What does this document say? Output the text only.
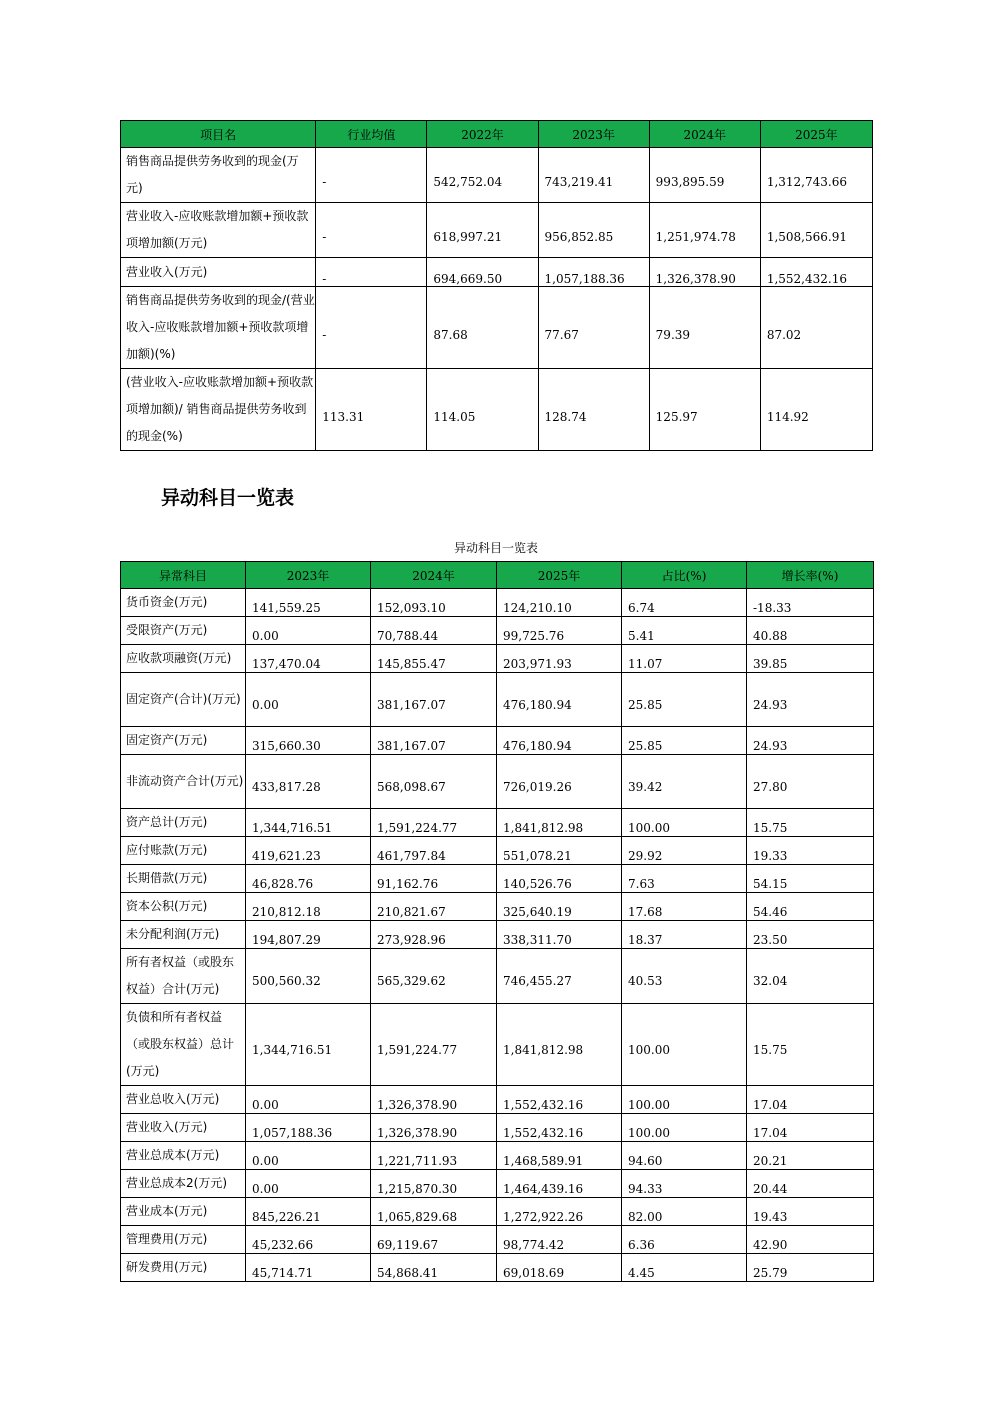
项目名	行业均值	2022年	2023年	2024年	2025年
销售商品提供劳务收到的现金(万元)	-	542,752.04	743,219.41	993,895.59	1,312,743.66
营业收入-应收账款增加额+预收款项增加额(万元)	-	618,997.21	956,852.85	1,251,974.78	1,508,566.91
营业收入(万元)	-	694,669.50	1,057,188.36	1,326,378.90	1,552,432.16
销售商品提供劳务收到的现金/(营业收入-应收账款增加额+预收款项增加额)(%)	-	87.68	77.67	79.39	87.02
(营业收入-应收账款增加额+预收款项增加额)/ 销售商品提供劳务收到的现金(%)	113.31	114.05	128.74	125.97	114.92
异动科目一览表
异动科目一览表
异常科目	2023年	2024年	2025年	占比(%)	增长率(%)
货币资金(万元)	141,559.25	152,093.10	124,210.10	6.74	-18.33
受限资产(万元)	0.00	70,788.44	99,725.76	5.41	40.88
应收款项融资(万元)	137,470.04	145,855.47	203,971.93	11.07	39.85
固定资产(合计)(万元)	0.00	381,167.07	476,180.94	25.85	24.93
固定资产(万元)	315,660.30	381,167.07	476,180.94	25.85	24.93
非流动资产合计(万元)	433,817.28	568,098.67	726,019.26	39.42	27.80
资产总计(万元)	1,344,716.51	1,591,224.77	1,841,812.98	100.00	15.75
应付账款(万元)	419,621.23	461,797.84	551,078.21	29.92	19.33
长期借款(万元)	46,828.76	91,162.76	140,526.76	7.63	54.15
资本公积(万元)	210,812.18	210,821.67	325,640.19	17.68	54.46
未分配利润(万元)	194,807.29	273,928.96	338,311.70	18.37	23.50
所有者权益（或股东权益）合计(万元)	500,560.32	565,329.62	746,455.27	40.53	32.04
负债和所有者权益（或股东权益）总计(万元)	1,344,716.51	1,591,224.77	1,841,812.98	100.00	15.75
营业总收入(万元)	0.00	1,326,378.90	1,552,432.16	100.00	17.04
营业收入(万元)	1,057,188.36	1,326,378.90	1,552,432.16	100.00	17.04
营业总成本(万元)	0.00	1,221,711.93	1,468,589.91	94.60	20.21
营业总成本2(万元)	0.00	1,215,870.30	1,464,439.16	94.33	20.44
营业成本(万元)	845,226.21	1,065,829.68	1,272,922.26	82.00	19.43
管理费用(万元)	45,232.66	69,119.67	98,774.42	6.36	42.90
研发费用(万元)	45,714.71	54,868.41	69,018.69	4.45	25.79
